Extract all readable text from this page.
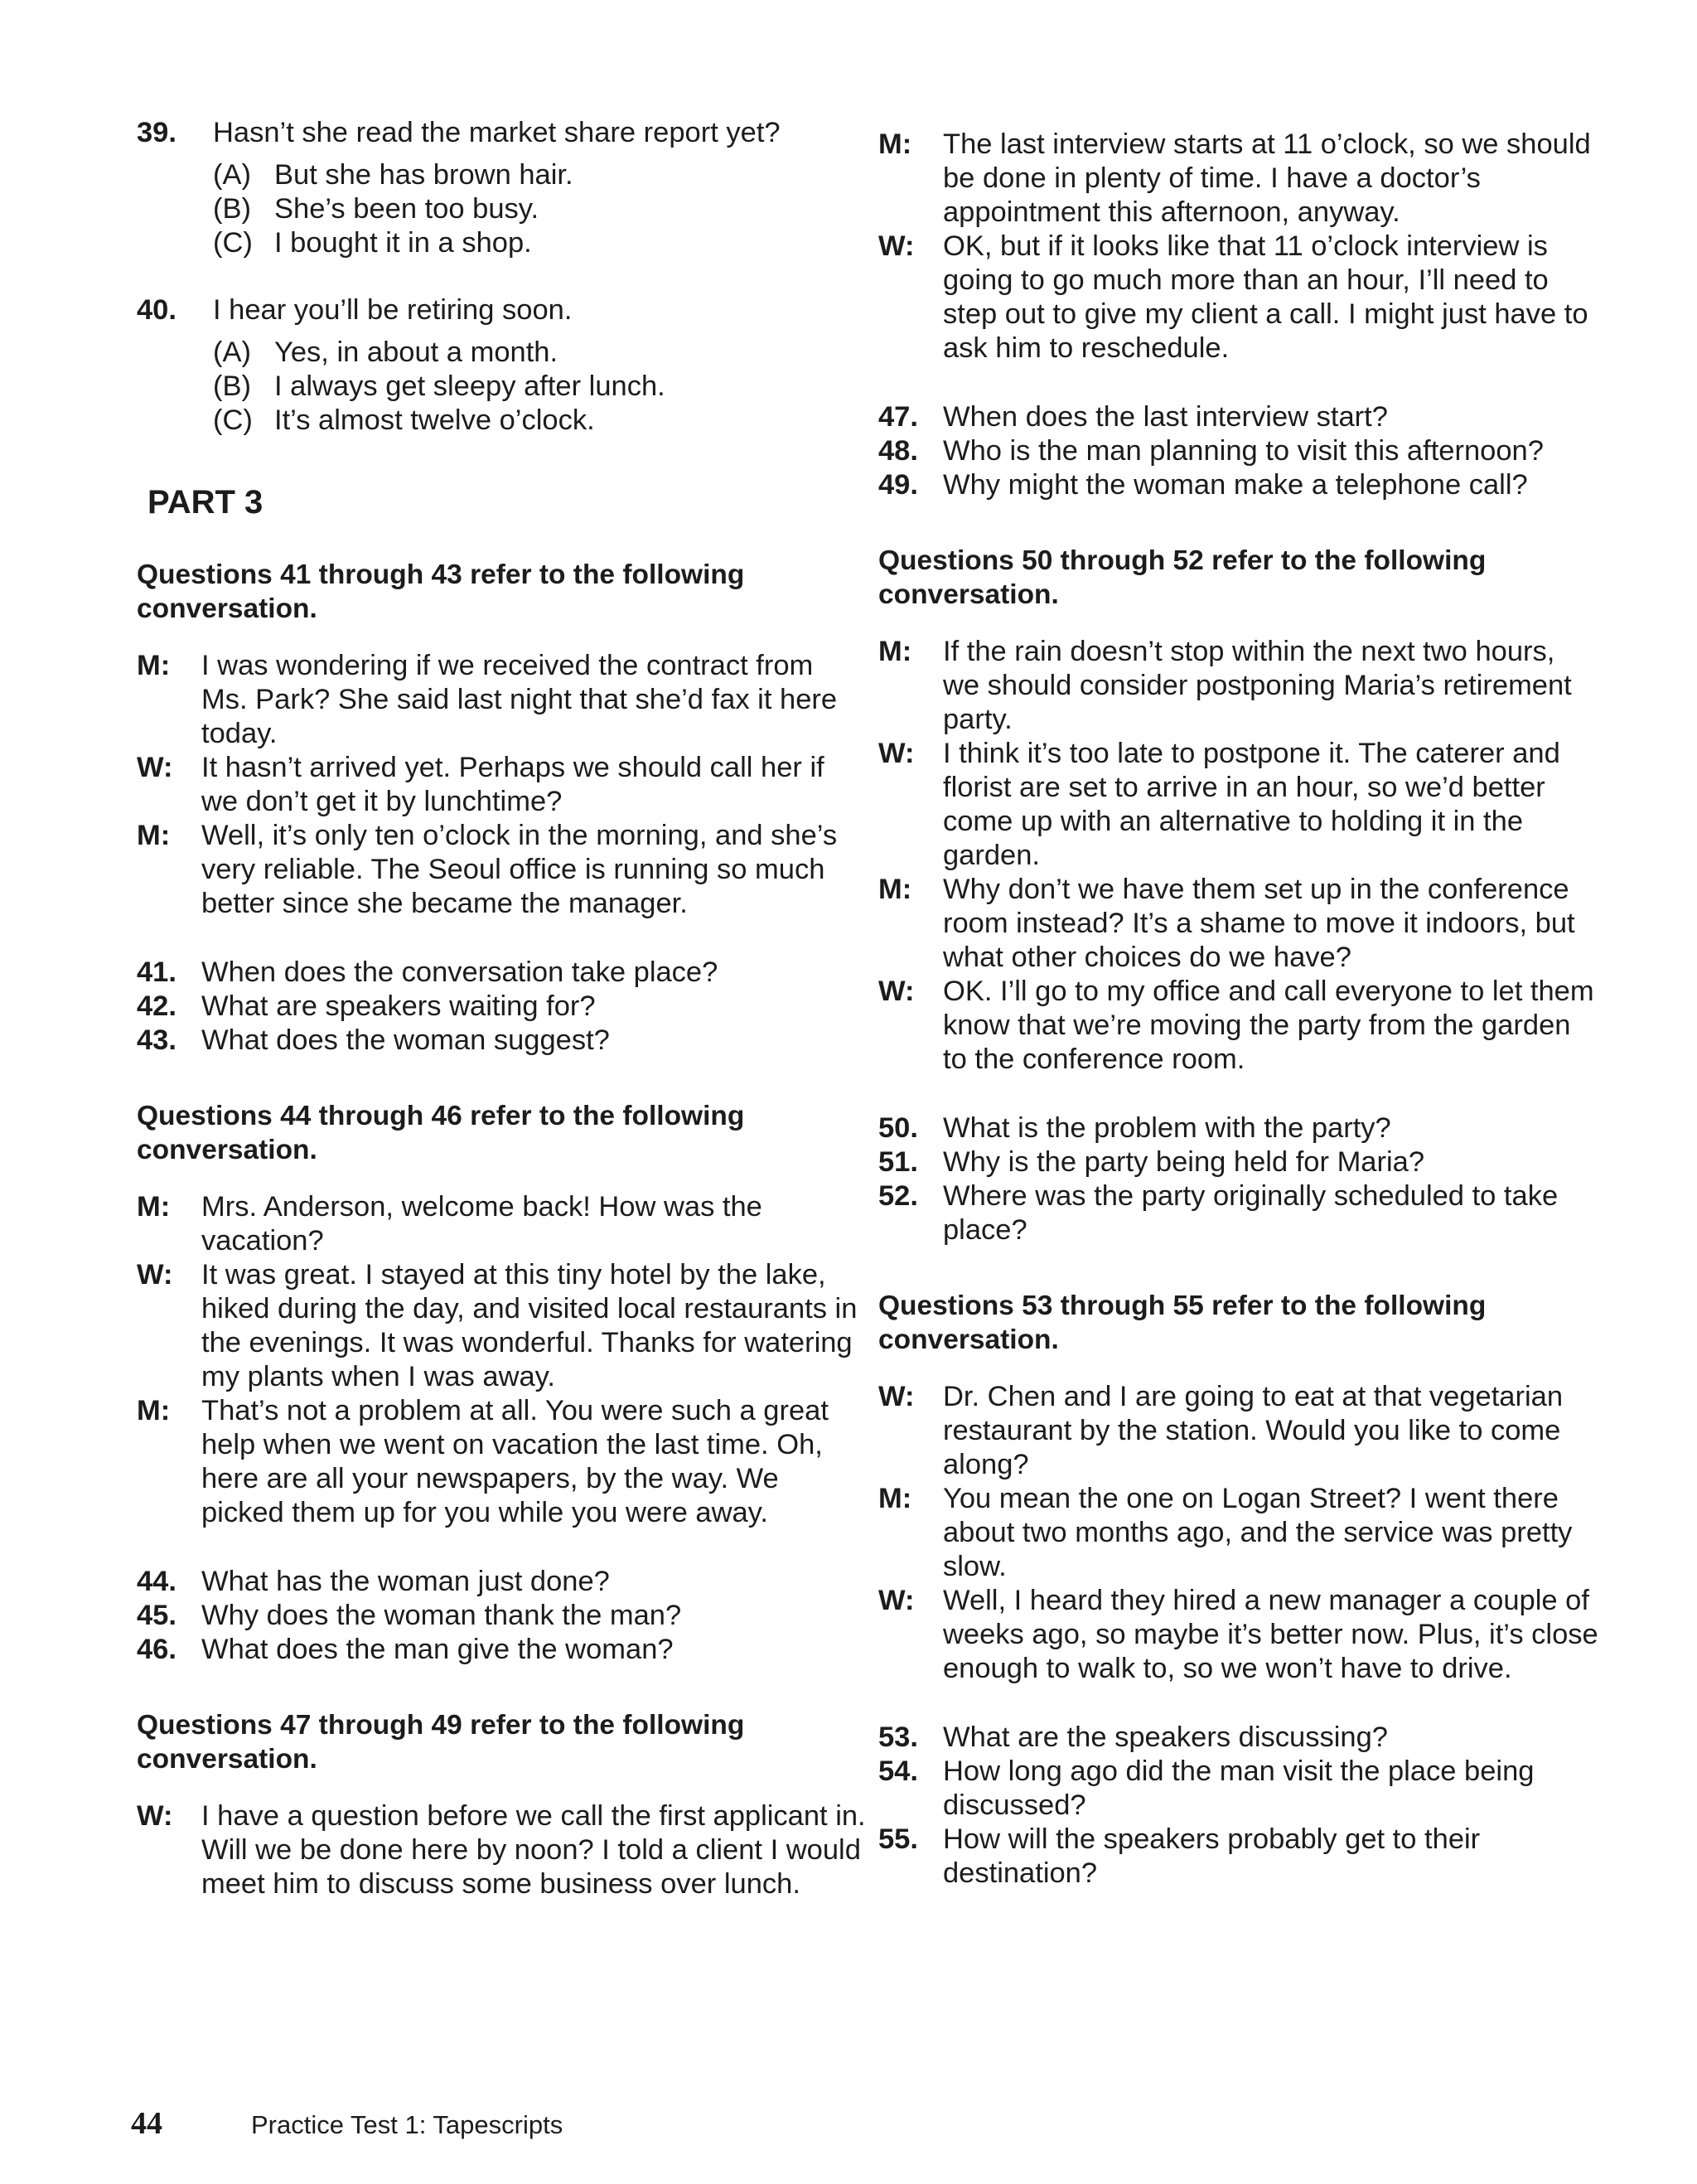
39.	Hasn’t she read the market share report yet?
(A) But she has brown hair.
(B) She’s been too busy.
(C) I bought it in a shop.
40.	I hear you’ll be retiring soon.
(A) Yes, in about a month.
(B) I always get sleepy after lunch.
(C) It’s almost twelve o’clock.
PART 3
Questions 41 through 43 refer to the following conversation.
M:	I was wondering if we received the contract from Ms. Park? She said last night that she’d fax it here today.
W:	It hasn’t arrived yet. Perhaps we should call her if we don’t get it by lunchtime?
M:	Well, it’s only ten o’clock in the morning, and she’s very reliable. The Seoul office is running so much better since she became the manager.
41. When does the conversation take place?
42. What are speakers waiting for?
43. What does the woman suggest?
Questions 44 through 46 refer to the following conversation.
M:	Mrs. Anderson, welcome back! How was the vacation?
W:	It was great. I stayed at this tiny hotel by the lake, hiked during the day, and visited local restaurants in the evenings. It was wonderful. Thanks for watering my plants when I was away.
M:	That’s not a problem at all. You were such a great help when we went on vacation the last time. Oh, here are all your newspapers, by the way. We picked them up for you while you were away.
44. What has the woman just done?
45. Why does the woman thank the man?
46. What does the man give the woman?
Questions 47 through 49 refer to the following conversation.
W:	I have a question before we call the first applicant in. Will we be done here by noon? I told a client I would meet him to discuss some business over lunch.
M:	The last interview starts at 11 o’clock, so we should be done in plenty of time. I have a doctor’s appointment this afternoon, anyway.
W:	OK, but if it looks like that 11 o’clock interview is going to go much more than an hour, I’ll need to step out to give my client a call. I might just have to ask him to reschedule.
47. When does the last interview start?
48. Who is the man planning to visit this afternoon?
49. Why might the woman make a telephone call?
Questions 50 through 52 refer to the following conversation.
M:	If the rain doesn’t stop within the next two hours, we should consider postponing Maria’s retirement party.
W:	I think it’s too late to postpone it. The caterer and florist are set to arrive in an hour, so we’d better come up with an alternative to holding it in the garden.
M:	Why don’t we have them set up in the conference room instead? It’s a shame to move it indoors, but what other choices do we have?
W:	OK. I’ll go to my office and call everyone to let them know that we’re moving the party from the garden to the conference room.
50. What is the problem with the party?
51. Why is the party being held for Maria?
52. Where was the party originally scheduled to take place?
Questions 53 through 55 refer to the following conversation.
W:	Dr. Chen and I are going to eat at that vegetarian restaurant by the station. Would you like to come along?
M:	You mean the one on Logan Street? I went there about two months ago, and the service was pretty slow.
W:	Well, I heard they hired a new manager a couple of weeks ago, so maybe it’s better now. Plus, it’s close enough to walk to, so we won’t have to drive.
53. What are the speakers discussing?
54. How long ago did the man visit the place being discussed?
55. How will the speakers probably get to their destination?
44	Practice Test 1: Tapescripts
